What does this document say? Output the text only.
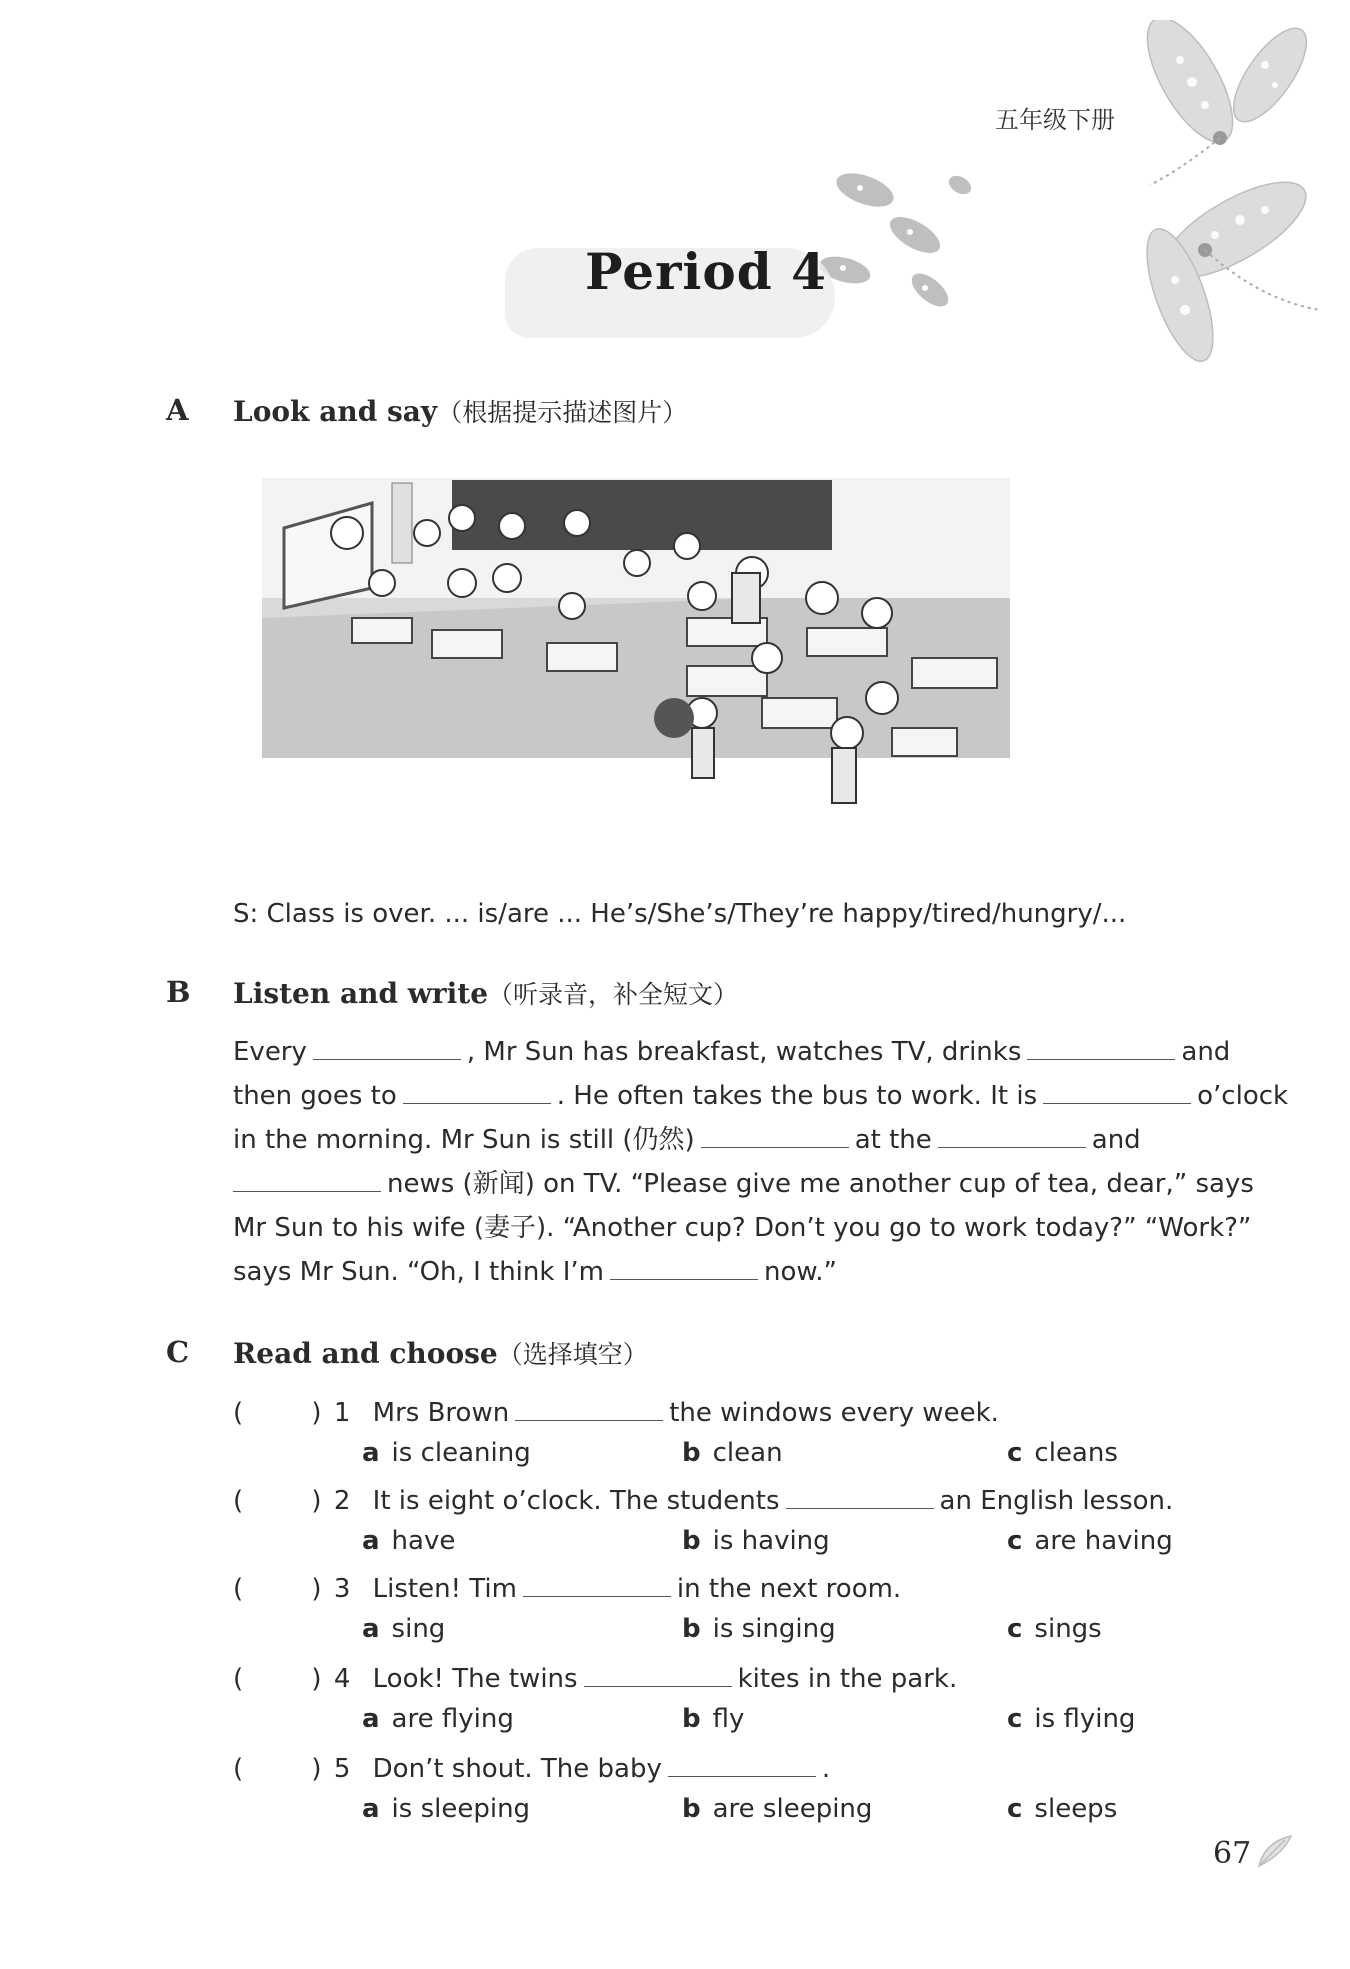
五年级下册
Period 4
A Look and say（根据提示描述图片）
S: Class is over. ... is/are ... He’s/She’s/They’re happy/tired/hungry/...
B Listen and write（听录音，补全短文）
Every	, Mr Sun has breakfast, watches TV, drinks	and
then goes to	. He often takes the bus to work. It is	o’clock
in the morning. Mr Sun is still (仍然)	at the	and
news (新闻) on TV. “Please give me another cup of tea, dear,” says
Mr Sun to his wife (妻子). “Another cup? Don’t you go to work today?” “Work?”
says Mr Sun. “Oh, I think I’m	now.”
C Read and choose（选择填空）
(	) 1 Mrs Brown	the windows every week.
a is cleaning	b clean	c cleans
(	) 2 It is eight o’clock. The students	an English lesson.
a have	b is having	c are having
(	) 3 Listen! Tim	in the next room.
a sing	b is singing	c sings
(	) 4 Look! The twins	kites in the park.
a are flying	b fly	c is flying
(	) 5 Don’t shout. The baby	.
a is sleeping	b are sleeping	c sleeps
67
